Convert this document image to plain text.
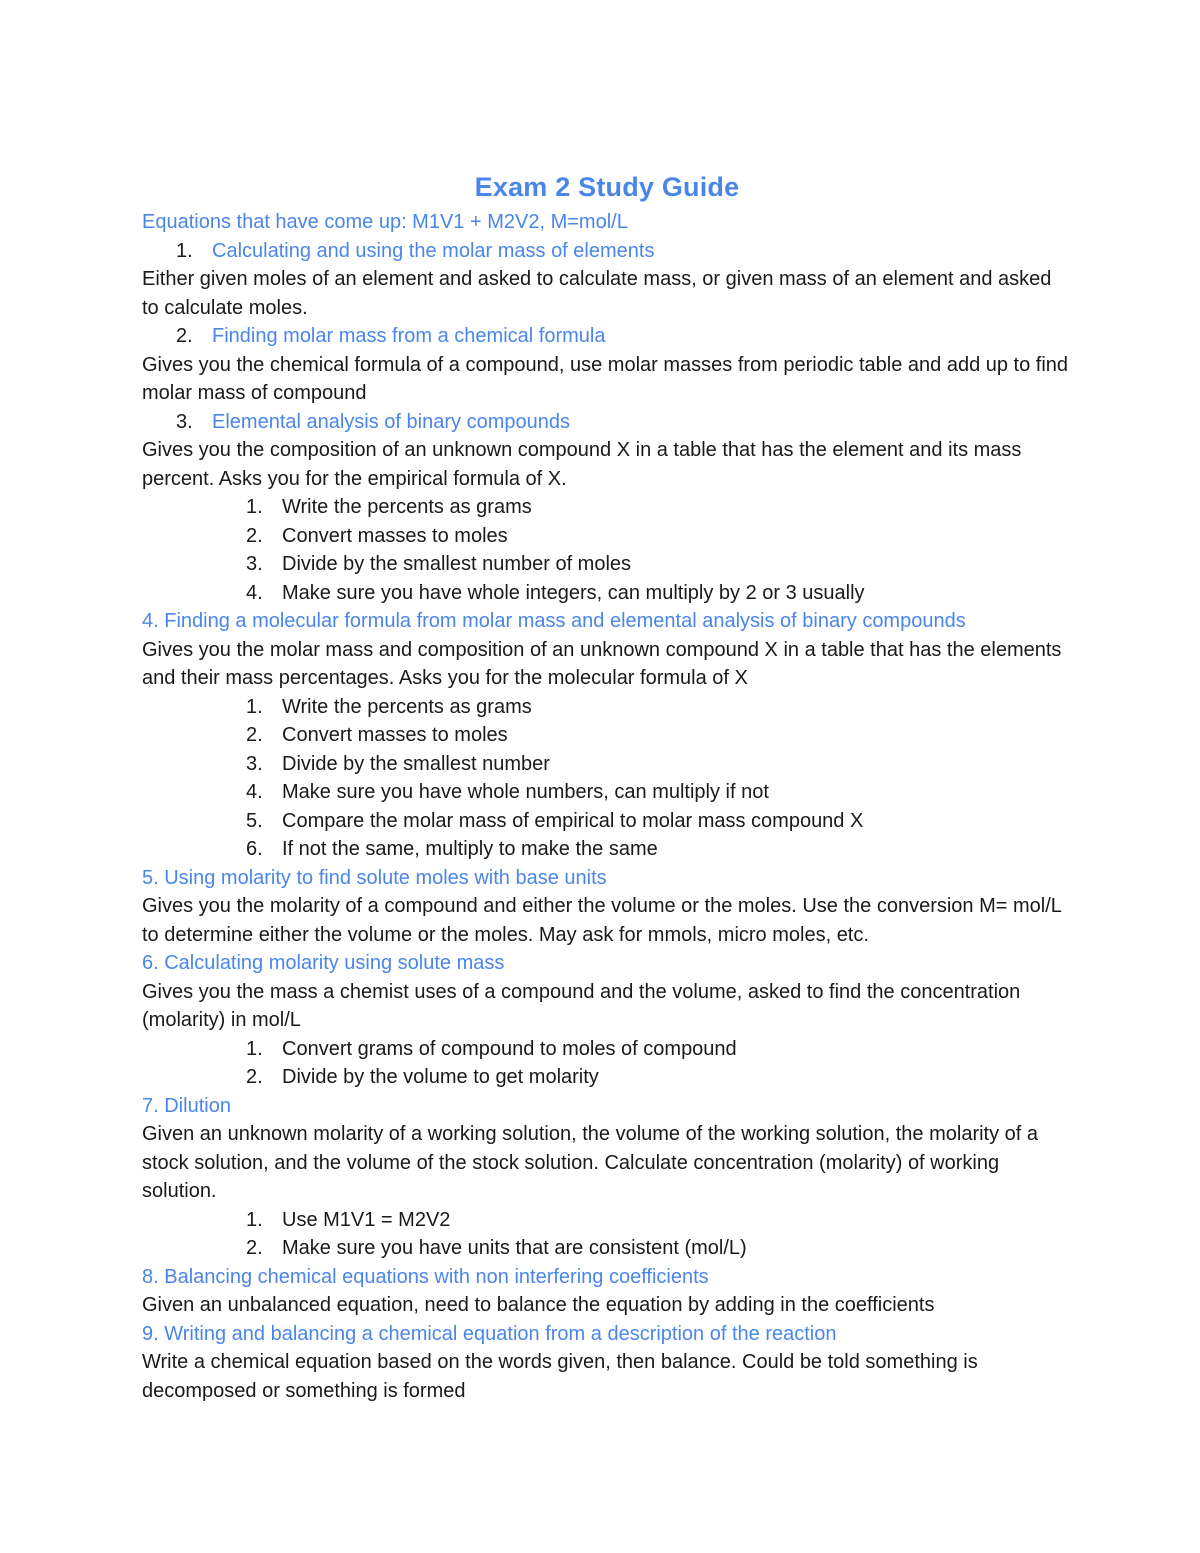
Exam 2 Study Guide

Equations that have come up: M1V1 + M2V2, M=mol/L

1. Calculating and using the molar mass of elements

Either given moles of an element and asked to calculate mass, or given mass of an element and asked to calculate moles.

2. Finding molar mass from a chemical formula

Gives you the chemical formula of a compound, use molar masses from periodic table and add up to find molar mass of compound

3. Elemental analysis of binary compounds

Gives you the composition of an unknown compound X in a table that has the element and its mass percent. Asks you for the empirical formula of X.

1. Write the percents as grams
2. Convert masses to moles
3. Divide by the smallest number of moles
4. Make sure you have whole integers, can multiply by 2 or 3 usually

4. Finding a molecular formula from molar mass and elemental analysis of binary compounds

Gives you the molar mass and composition of an unknown compound X in a table that has the elements and their mass percentages. Asks you for the molecular formula of X

1. Write the percents as grams
2. Convert masses to moles
3. Divide by the smallest number
4. Make sure you have whole numbers, can multiply if not
5. Compare the molar mass of empirical to molar mass compound X
6. If not the same, multiply to make the same

5. Using molarity to find solute moles with base units

Gives you the molarity of a compound and either the volume or the moles. Use the conversion M= mol/L to determine either the volume or the moles. May ask for mmols, micro moles, etc.

6. Calculating molarity using solute mass

Gives you the mass a chemist uses of a compound and the volume, asked to find the concentration (molarity) in mol/L

1. Convert grams of compound to moles of compound
2. Divide by the volume to get molarity

7. Dilution

Given an unknown molarity of a working solution, the volume of the working solution, the molarity of a stock solution, and the volume of the stock solution. Calculate concentration (molarity) of working solution.

1. Use M1V1 = M2V2
2. Make sure you have units that are consistent (mol/L)

8. Balancing chemical equations with non interfering coefficients

Given an unbalanced equation, need to balance the equation by adding in the coefficients

9. Writing and balancing a chemical equation from a description of the reaction

Write a chemical equation based on the words given, then balance. Could be told something is decomposed or something is formed
